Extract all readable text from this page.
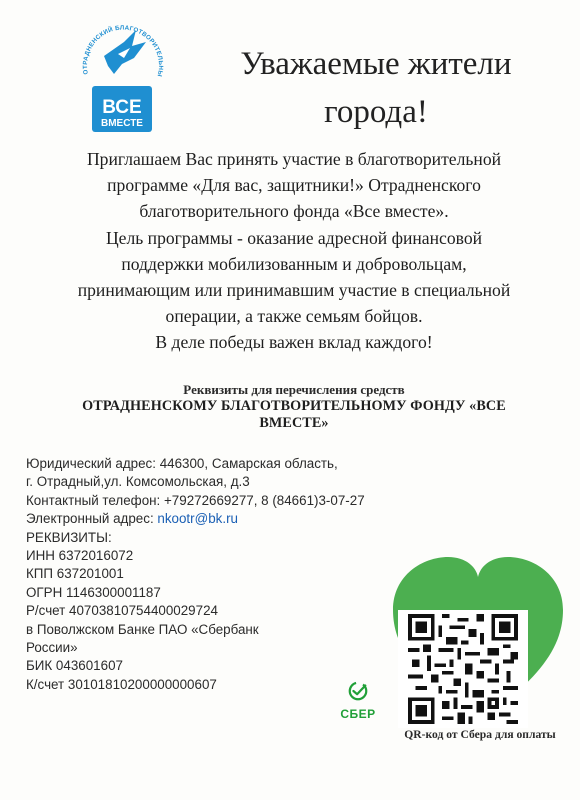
ОТРАДНЕНСКИЙ БЛАГОТВОРИТЕЛЬНЫ
ВСЕ
ВМЕСТЕ
Уважаемые жители
города!
Приглашаем Вас принять участие в благотворительной
программе «Для вас, защитники!» Отрадненского
благотворительного фонда «Все вместе».
Цель программы - оказание адресной финансовой
поддержки мобилизованным и добровольцам,
принимающим или принимавшим участие в специальной
операции, а также семьям бойцов.
В деле победы важен вклад каждого!
Реквизиты для перечисления средств
ОТРАДНЕНСКОМУ БЛАГОТВОРИТЕЛЬНОМУ ФОНДУ «ВСЕ
ВМЕСТЕ»
Юридический адрес: 446300, Самарская область,
г. Отрадный,ул. Комсомольская, д.3
Контактный телефон: +79272669277, 8 (84661)3-07-27
Электронный адрес: nkootr@bk.ru
РЕКВИЗИТЫ:
ИНН 6372016072
КПП 637201001
ОГРН 1146300001187
Р/счет 40703810754400029724
в Поволжском Банке ПАО «Сбербанк России»
БИК 043601607
К/счет 30101810200000000607
QR-код от Сбера для оплаты
СБЕР
